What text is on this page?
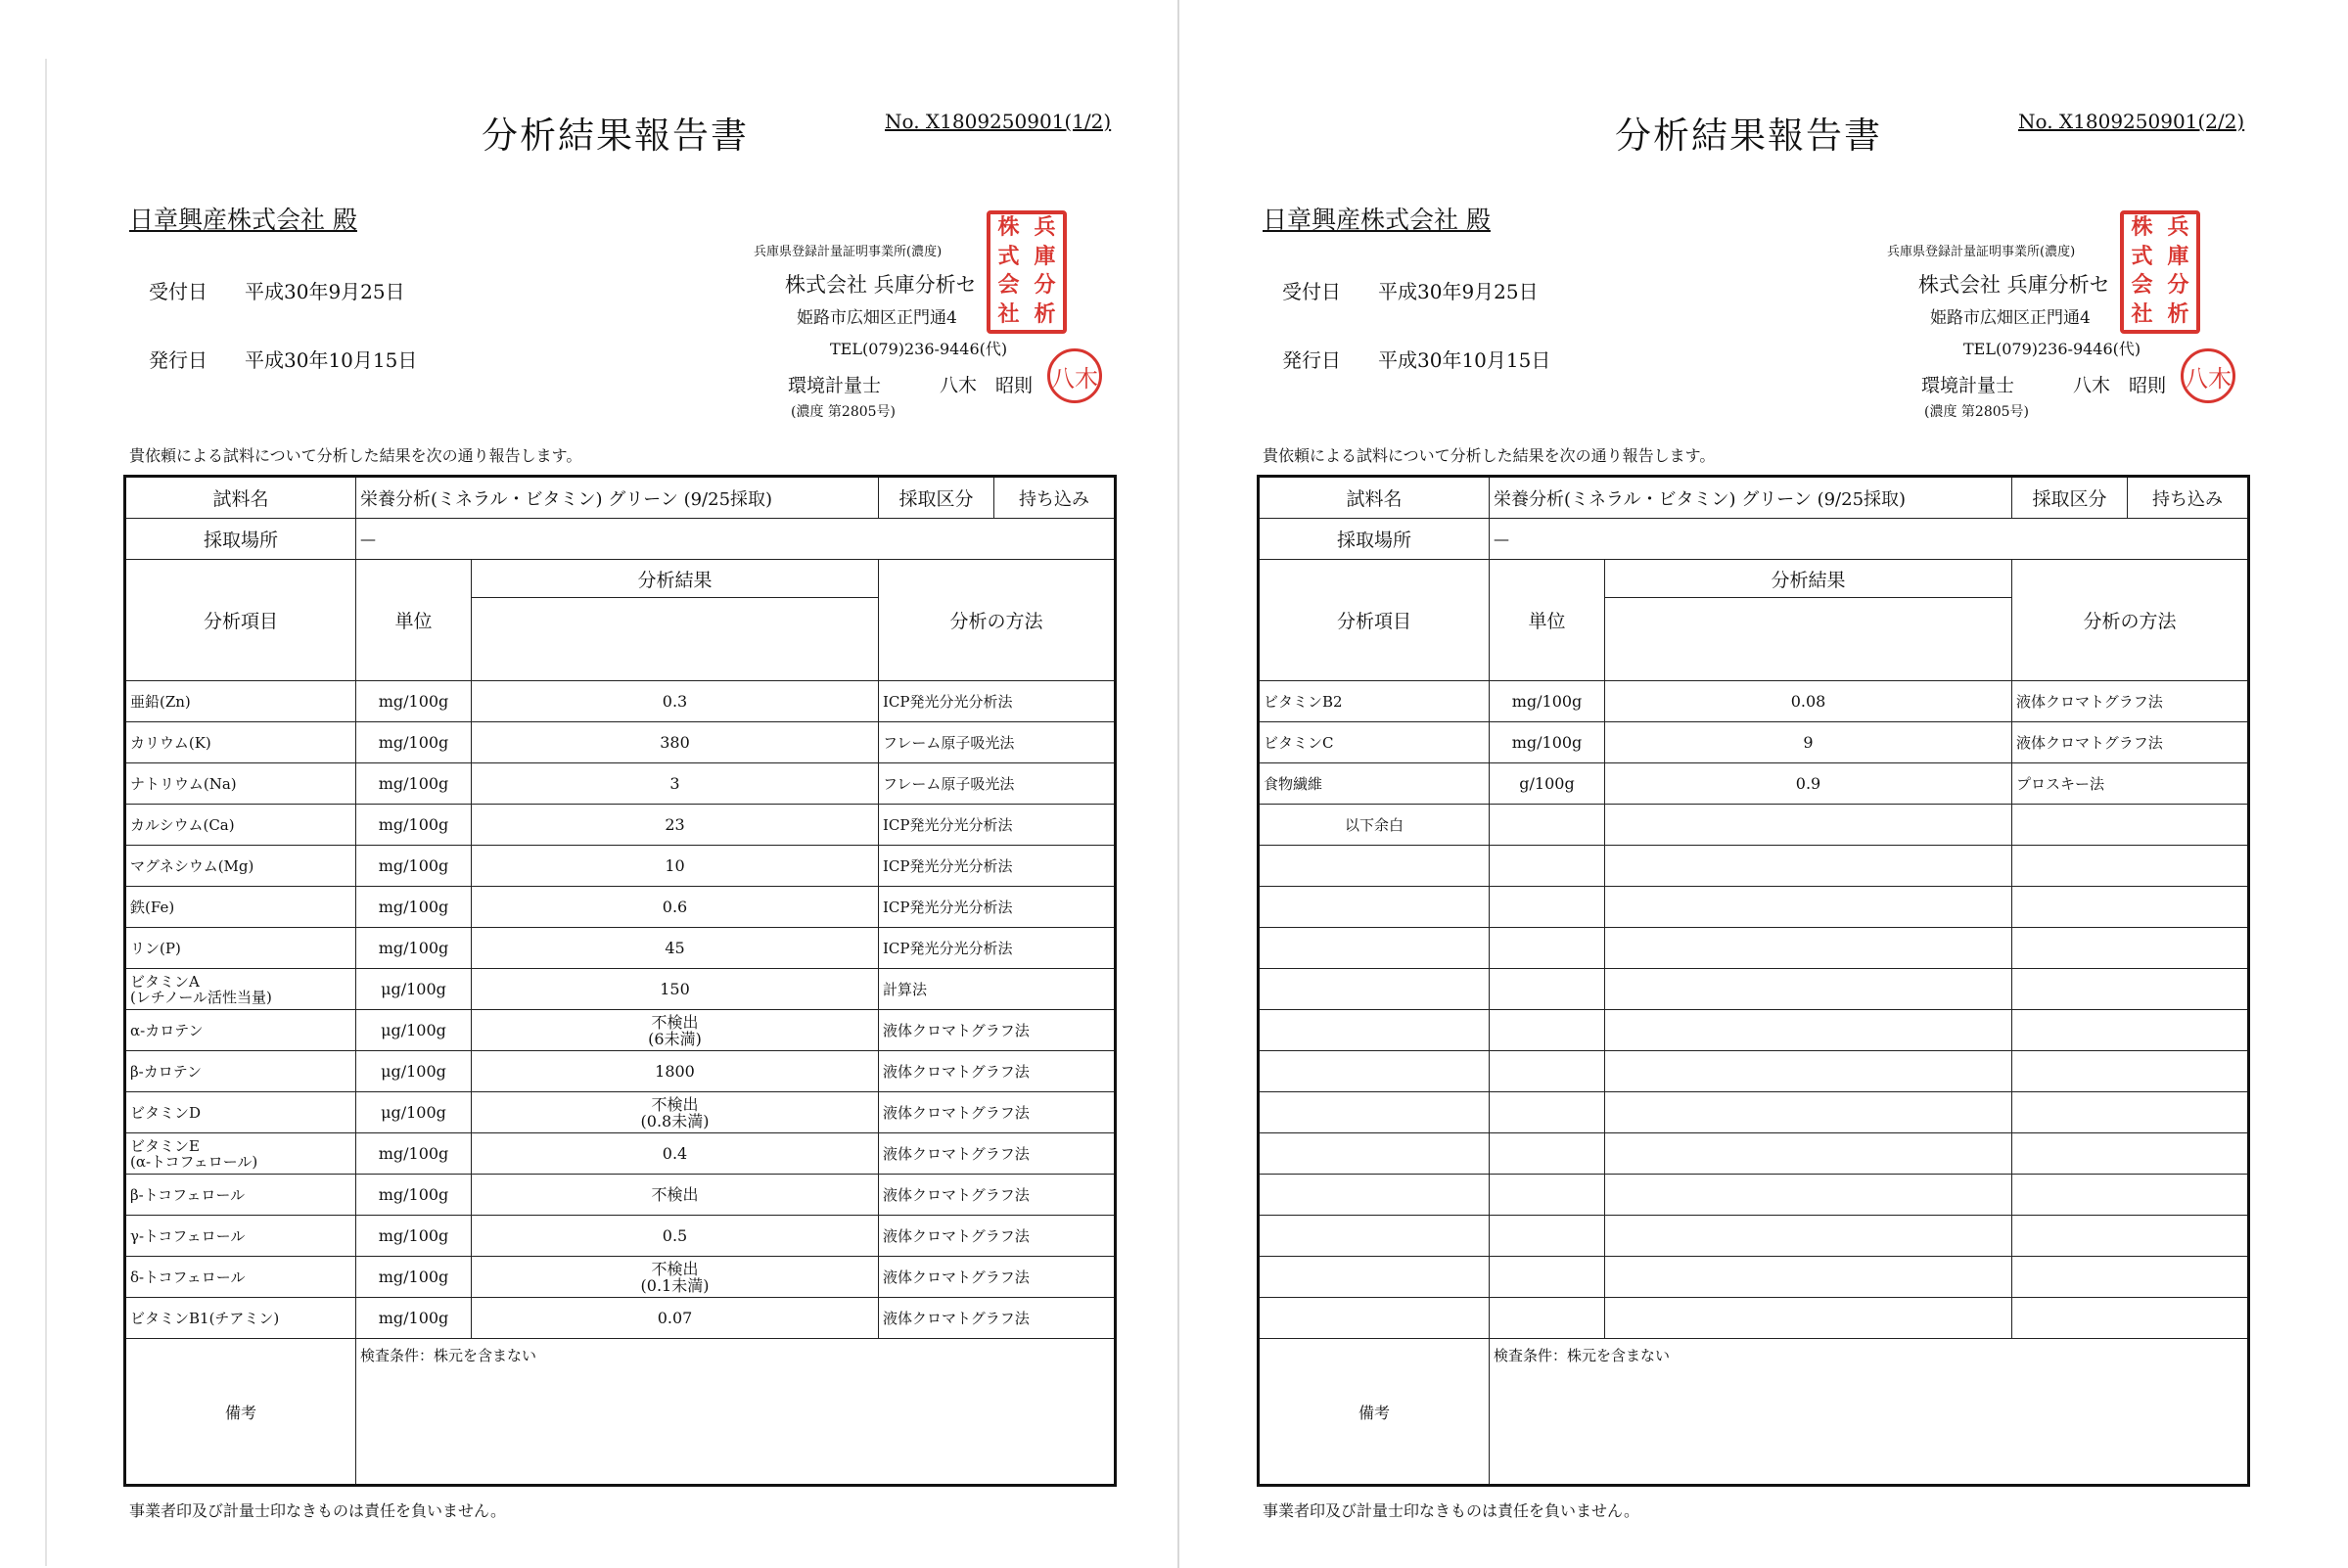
分析結果報告書	No. X1809250901(1/2)
日章興産株式会社 殿
受付日 平成30年9月25日
発行日 平成30年10月15日
兵庫県登録計量証明事業所(濃度)
株式会社 兵庫分析セ
姫路市広畑区正門通4
TEL(079)236-9446(代)
環境計量士	八木　昭則
(濃度 第2805号)
株 兵
式 庫
会 分
社 析
八木
貴依頼による試料について分析した結果を次の通り報告します。
試料名	栄養分析(ミネラル・ビタミン) グリーン (9/25採取)		採取区分	持ち込み
採取場所	—			
分析項目	単位	分析結果	分析の方法	

亜鉛(Zn)	mg/100g	0.3	ICP発光分光分析法	

カリウム(K)	mg/100g	380	フレーム原子吸光法	

ナトリウム(Na)	mg/100g	3	フレーム原子吸光法	

カルシウム(Ca)	mg/100g	23	ICP発光分光分析法	

マグネシウム(Mg)	mg/100g	10	ICP発光分光分析法	

鉄(Fe)	mg/100g	0.6	ICP発光分光分析法	

リン(P)	mg/100g	45	ICP発光分光分析法	

ビタミンA
(レチノール活性当量)	μg/100g	150	計算法	

α-カロテン	μg/100g	不検出
(6未満)	液体クロマトグラフ法	

β-カロテン	μg/100g	1800	液体クロマトグラフ法	

ビタミンD	μg/100g	不検出
(0.8未満)	液体クロマトグラフ法	

ビタミンE
(α-トコフェロール)	mg/100g	0.4	液体クロマトグラフ法	

β-トコフェロール	mg/100g	不検出	液体クロマトグラフ法	

γ-トコフェロール	mg/100g	0.5	液体クロマトグラフ法	

δ-トコフェロール	mg/100g	不検出
(0.1未満)	液体クロマトグラフ法	

ビタミンB1(チアミン)	mg/100g	0.07	液体クロマトグラフ法	

備考	検査条件：株元を含まない			
事業者印及び計量士印なきものは責任を負いません。
分析結果報告書	No. X1809250901(2/2)
日章興産株式会社 殿
受付日 平成30年9月25日
発行日 平成30年10月15日
兵庫県登録計量証明事業所(濃度)
株式会社 兵庫分析セ
姫路市広畑区正門通4
TEL(079)236-9446(代)
環境計量士	八木　昭則
(濃度 第2805号)
株 兵
式 庫
会 分
社 析
八木
貴依頼による試料について分析した結果を次の通り報告します。
試料名	栄養分析(ミネラル・ビタミン) グリーン (9/25採取)		採取区分	持ち込み
採取場所	—			
分析項目	単位	分析結果	分析の方法	

ビタミンB2	mg/100g	0.08	液体クロマトグラフ法	

ビタミンC	mg/100g	9	液体クロマトグラフ法	

食物繊維	g/100g	0.9	プロスキー法	

以下余白				

備考	検査条件：株元を含まない			
事業者印及び計量士印なきものは責任を負いません。
